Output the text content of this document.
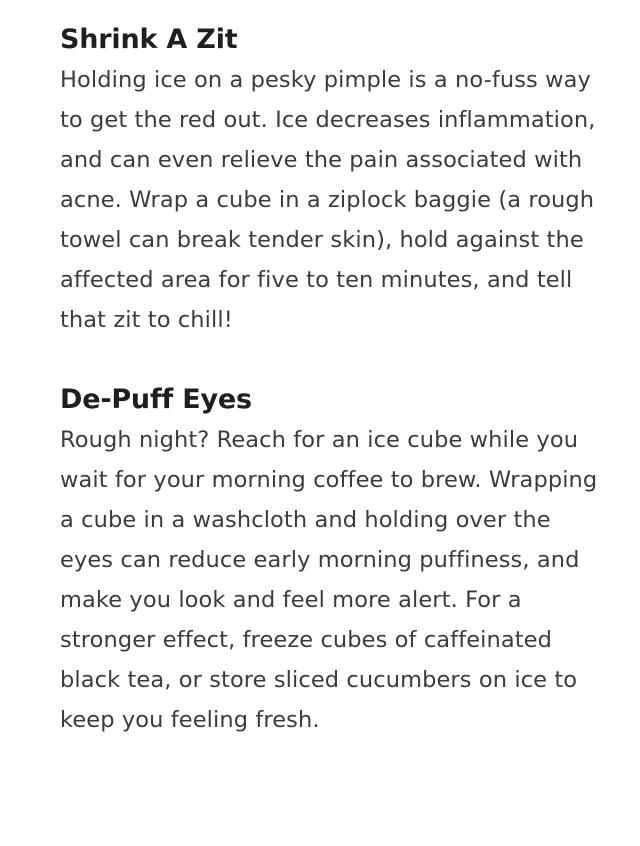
Shrink A Zit

Holding ice on a pesky pimple is a no-fuss way to get the red out. Ice decreases inflammation, and can even relieve the pain associated with acne. Wrap a cube in a ziplock baggie (a rough towel can break tender skin), hold against the affected area for five to ten minutes, and tell that zit to chill!

De-Puff Eyes

Rough night? Reach for an ice cube while you wait for your morning coffee to brew. Wrapping a cube in a washcloth and holding over the eyes can reduce early morning puffiness, and make you look and feel more alert. For a stronger effect, freeze cubes of caffeinated black tea, or store sliced cucumbers on ice to keep you feeling fresh.
